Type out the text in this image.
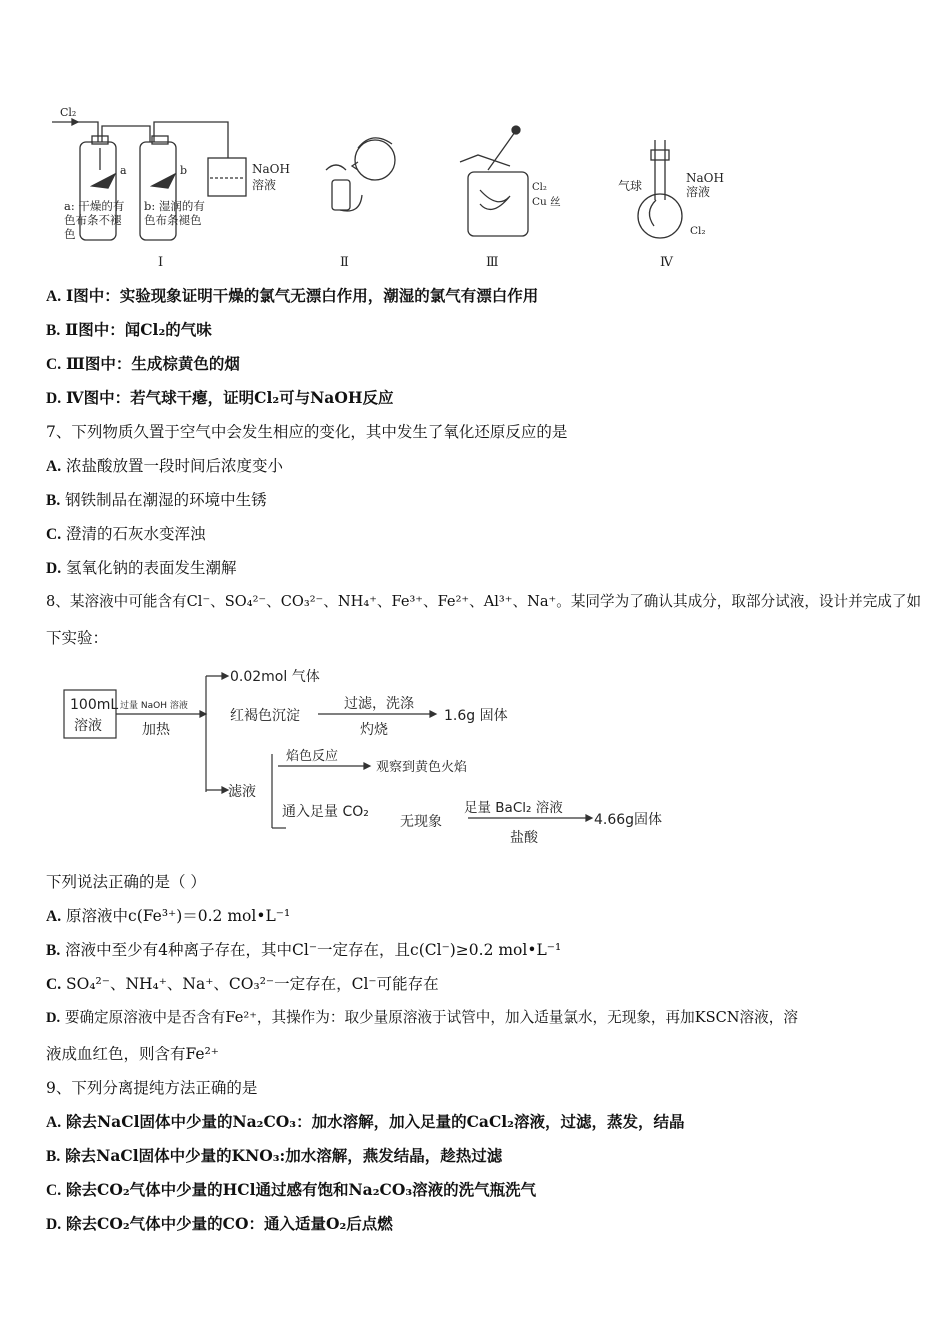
Cl₂
a	b	NaOH
溶液
a: 干燥的有
色布条不褪
色
b: 湿润的有
色布条褪色
Ⅰ	Ⅱ
Cl₂
Cu 丝
Ⅲ
气球
NaOH
溶液
Cl₂
Ⅳ
A. Ⅰ图中：实验现象证明干燥的氯气无漂白作用，潮湿的氯气有漂白作用
B. Ⅱ图中：闻Cl₂的气味
C. Ⅲ图中：生成棕黄色的烟
D. Ⅳ图中：若气球干瘪，证明Cl₂可与NaOH反应
7、下列物质久置于空气中会发生相应的变化，其中发生了氧化还原反应的是
A. 浓盐酸放置一段时间后浓度变小
B. 钢铁制品在潮湿的环境中生锈
C. 澄清的石灰水变浑浊
D. 氢氧化钠的表面发生潮解
8、某溶液中可能含有Cl⁻、SO₄²⁻、CO₃²⁻、NH₄⁺、Fe³⁺、Fe²⁺、Al³⁺、Na⁺。某同学为了确认其成分，取部分试液，设计并完成了如
下实验：
100mL
溶液
过量 NaOH 溶液
加热
0.02mol 气体
红褐色沉淀
过滤，洗涤
灼烧
1.6g 固体
滤液
焰色反应
观察到黄色火焰
通入足量 CO₂
无现象
足量 BaCl₂ 溶液
盐酸
4.66g固体
下列说法正确的是（ ）
A. 原溶液中c(Fe³⁺)＝0.2 mol•L⁻¹
B. 溶液中至少有4种离子存在，其中Cl⁻一定存在，且c(Cl⁻)≥0.2 mol•L⁻¹
C. SO₄²⁻、NH₄⁺、Na⁺、CO₃²⁻一定存在，Cl⁻可能存在
D. 要确定原溶液中是否含有Fe²⁺，其操作为：取少量原溶液于试管中，加入适量氯水，无现象，再加KSCN溶液，溶
液成血红色，则含有Fe²⁺
9、下列分离提纯方法正确的是
A. 除去NaCl固体中少量的Na₂CO₃：加水溶解，加入足量的CaCl₂溶液，过滤，蒸发，结晶
B. 除去NaCl固体中少量的KNO₃:加水溶解，燕发结晶，趁热过滤
C. 除去CO₂气体中少量的HCl通过感有饱和Na₂CO₃溶液的洗气瓶洗气
D. 除去CO₂气体中少量的CO：通入适量O₂后点燃
